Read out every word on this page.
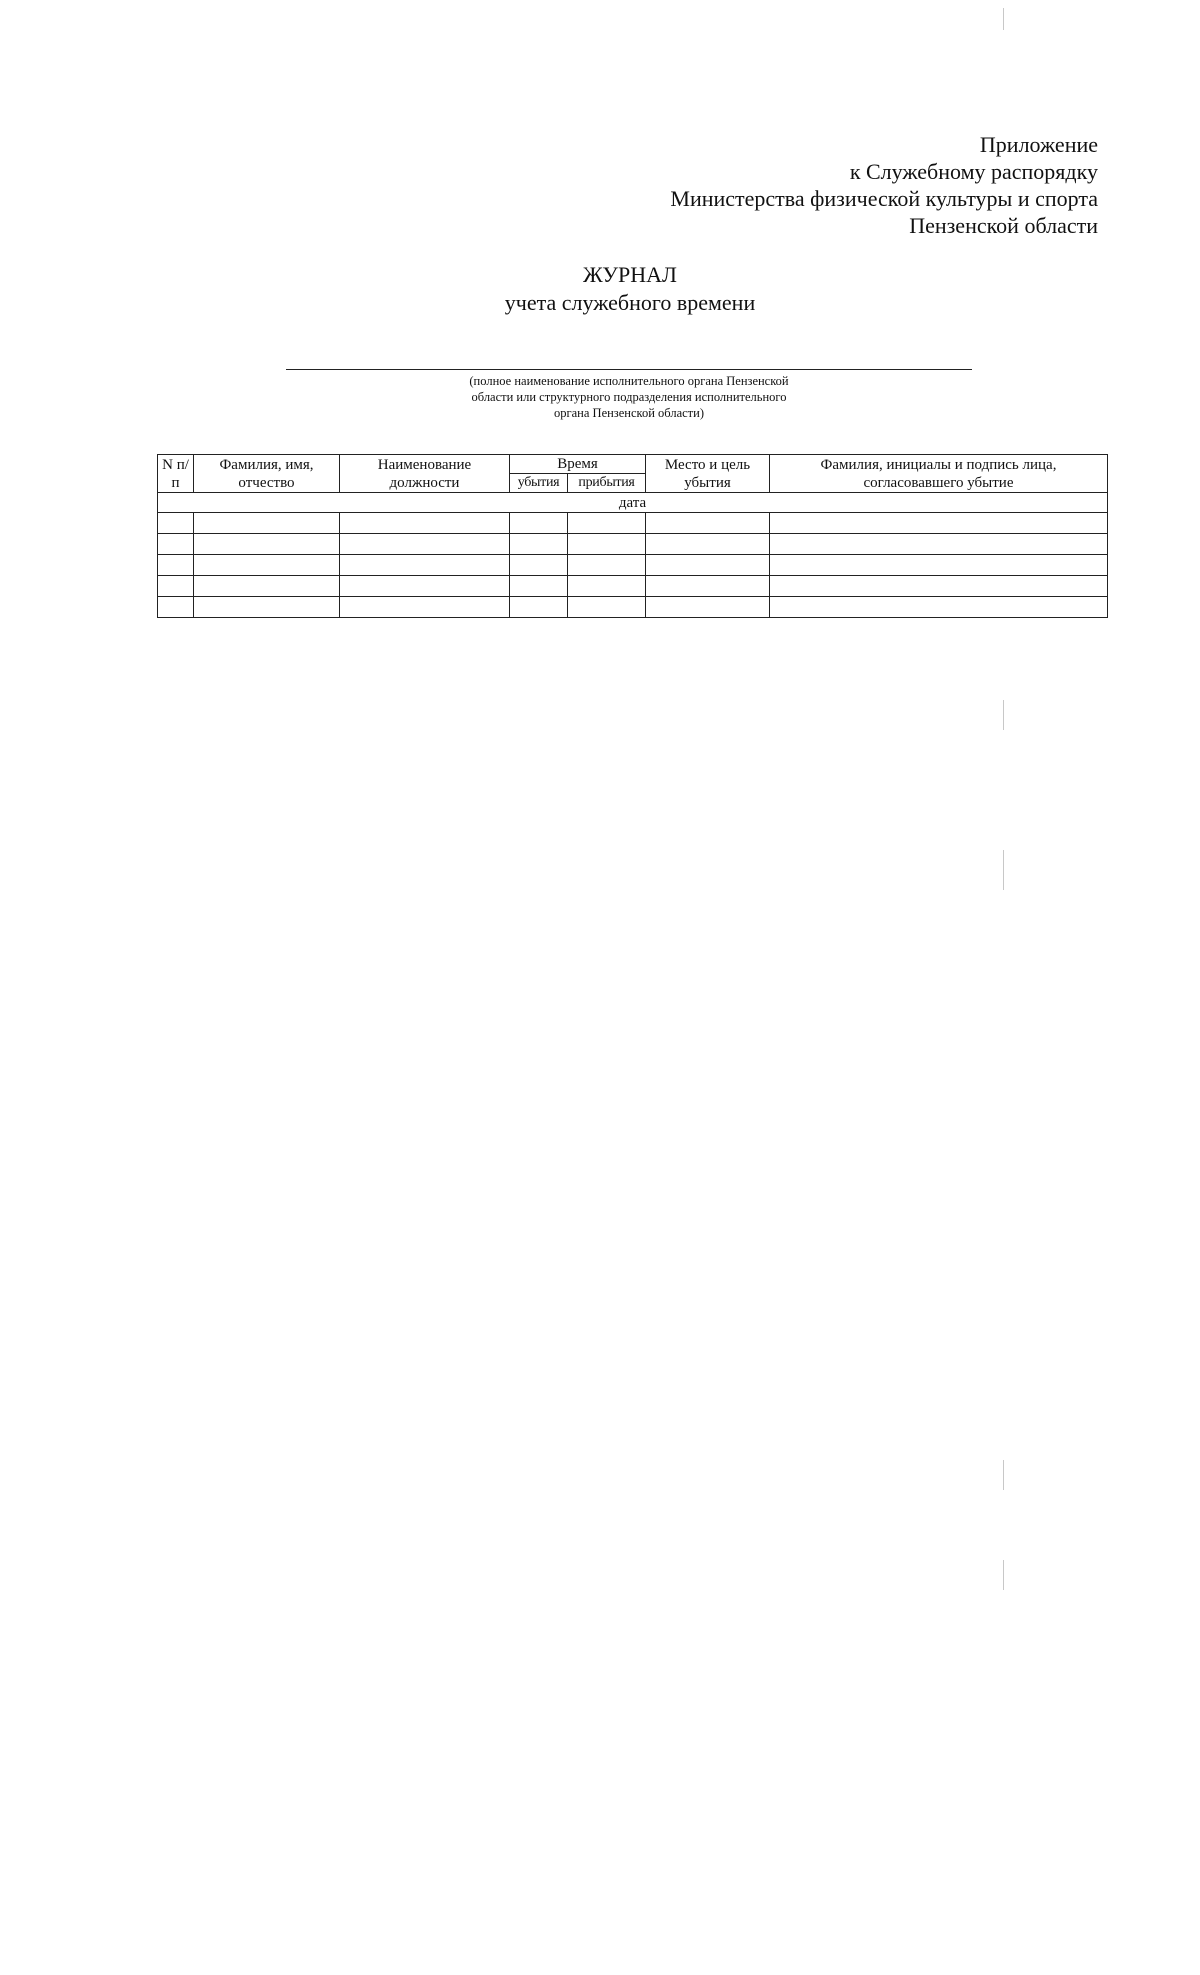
Приложение
к Служебному распорядку
Министерства физической культуры и спорта
Пензенской области
ЖУРНАЛ
учета служебного времени
(полное наименование исполнительного органа Пензенской
области или структурного подразделения исполнительного
органа Пензенской области)
N п/п	Фамилия, имя, отчество	Наименование должности	Время		Место и цель убытия	Фамилия, инициалы и подпись лица, согласовавшего убытие
			убытия	прибытия		
дата						
